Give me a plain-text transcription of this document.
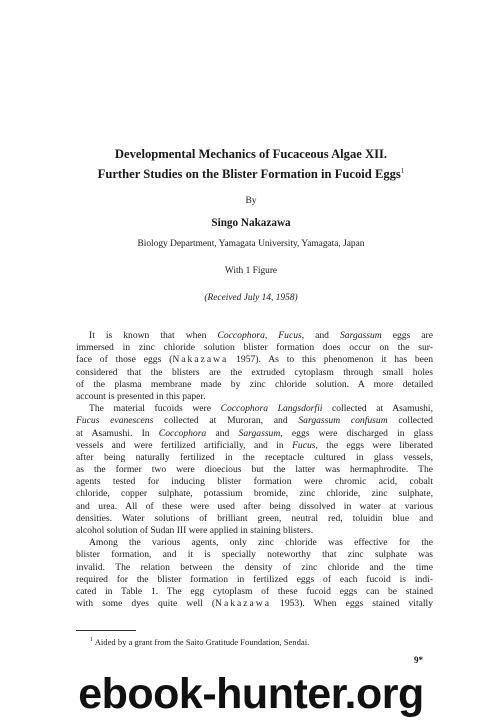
Developmental Mechanics of Fucaceous Algae XII.
Further Studies on the Blister Formation in Fucoid Eggs$^1$
By
Singo Nakazawa
Biology Department, Yamagata University, Yamagata, Japan
With 1 Figure
(Received July 14, 1958)
It is known that when Coccophora, Fucus, and Sargassum eggs are
immersed in zinc chloride solution blister formation does occur on the sur-
face of those eggs (Nakazawa 1957). As to this phenomenon it has been
considered that the blisters are the extruded cytoplasm through small holes
of the plasma membrane made by zinc chloride solution. A more detailed
account is presented in this paper.
The material fucoids were Coccophora Langsdorfii collected at Asamushi,
Fucus evanescens collected at Muroran, and Sargassum confusum collected
at Asamushi. In Coccophora and Sargassum, eggs were discharged in glass
vessels and were fertilized artificially, and in Fucus, the eggs were liberated
after being naturally fertilized in the receptacle cultured in glass vessels,
as the former two were dioecious but the latter was hermaphrodite. The
agents tested for inducing blister formation were chromic acid, cobalt
chloride, copper sulphate, potassium bromide, zinc chloride, zinc sulphate,
and urea. All of these were used after being dissolved in water at various
densities. Water solutions of brilliant green, neutral red, toluidin blue and
alcohol solution of Sudan III were applied in staining blisters.
Among the various agents, only zinc chloride was effective for the
blister formation, and it is specially noteworthy that zinc sulphate was
invalid. The relation between the density of zinc chloride and the time
required for the blister formation in fertilized eggs of each fucoid is indi-
cated in Table 1. The egg cytoplasm of these fucoid eggs can be stained
with some dyes quite well (Nakazawa 1953). When eggs stained vitally
$^1$ Aided by a grant from the Saito Gratitude Foundation, Sendai.
9*
ebook-hunter.org
